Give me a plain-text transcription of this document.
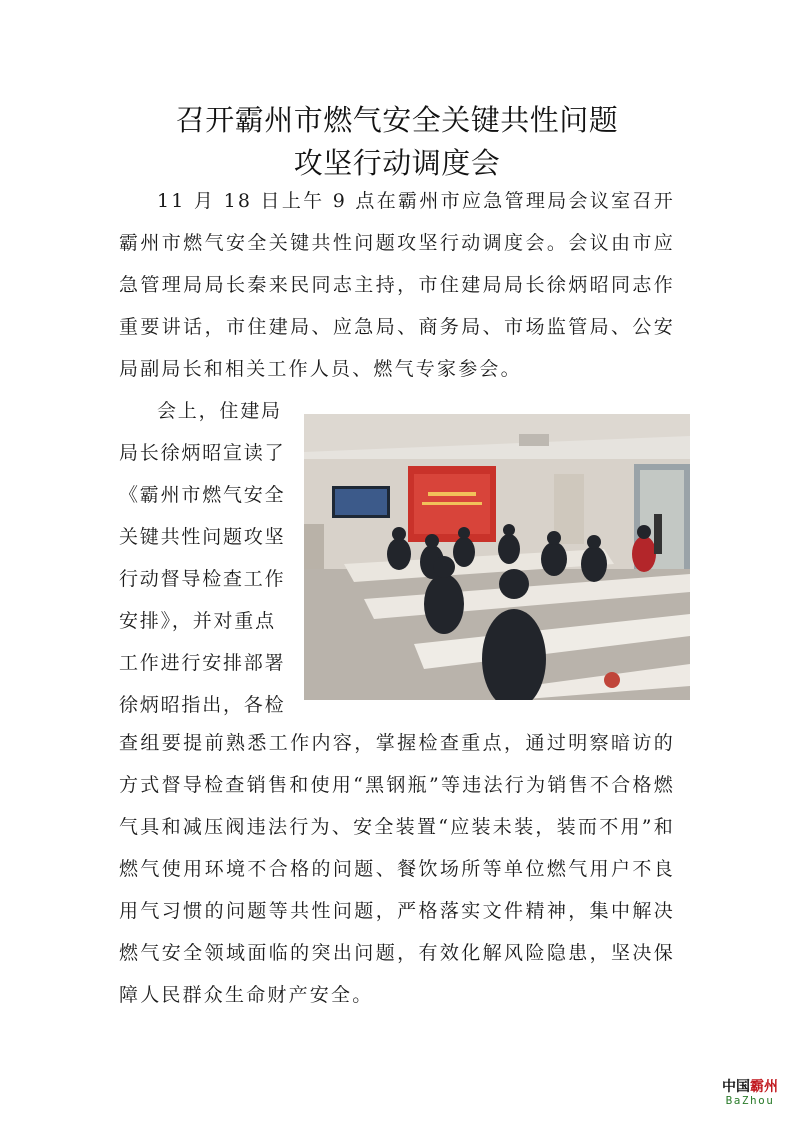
召开霸州市燃气安全关键共性问题
攻坚行动调度会

11 月 18 日上午 9 点在霸州市应急管理局会议室召开霸州市燃气安全关键共性问题攻坚行动调度会。会议由市应急管理局局长秦来民同志主持，市住建局局长徐炳昭同志作重要讲话，市住建局、应急局、商务局、市场监管局、公安局副局长和相关工作人员、燃气专家参会。

会上，住建局局长徐炳昭宣读了《霸州市燃气安全关键共性问题攻坚行动督导检查工作安排》，并对重点工作进行安排部署徐炳昭指出，各检

查组要提前熟悉工作内容，掌握检查重点，通过明察暗访的方式督导检查销售和使用“黑钢瓶”等违法行为销售不合格燃气具和减压阀违法行为、安全装置“应装未装，装而不用”和燃气使用环境不合格的问题、餐饮场所等单位燃气用户不良用气习惯的问题等共性问题，严格落实文件精神，集中解决燃气安全领域面临的突出问题，有效化解风险隐患，坚决保障人民群众生命财产安全。

中国霸州
BaZhou
